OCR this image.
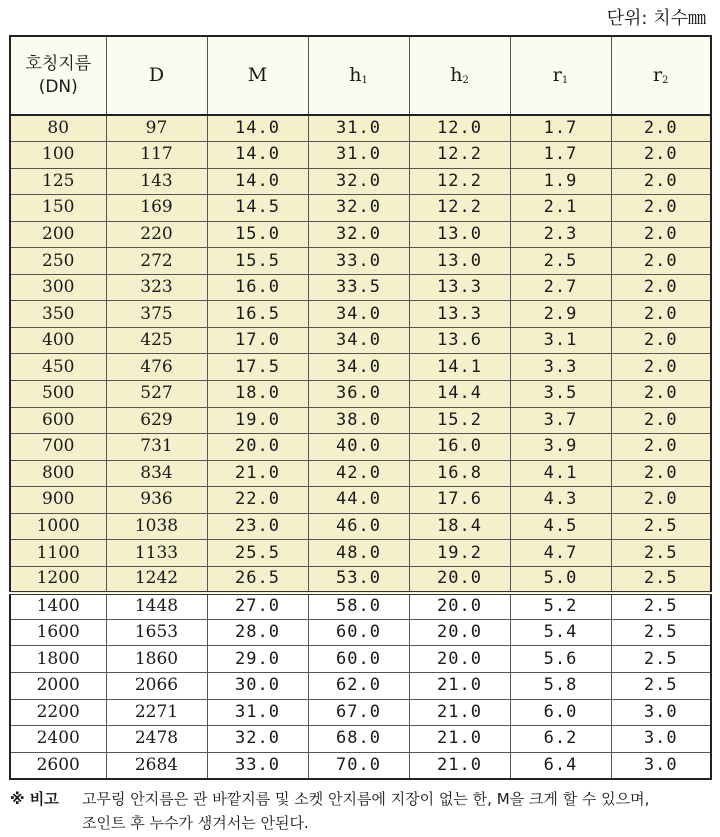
단위: 치수㎜
호칭지름
(DN)	D	M	$h_1$	$h_2$	$r_1$	$r_2$
80	97	14.0	31.0	12.0	1.7	2.0
100	117	14.0	31.0	12.2	1.7	2.0
125	143	14.0	32.0	12.2	1.9	2.0
150	169	14.5	32.0	12.2	2.1	2.0
200	220	15.0	32.0	13.0	2.3	2.0
250	272	15.5	33.0	13.0	2.5	2.0
300	323	16.0	33.5	13.3	2.7	2.0
350	375	16.5	34.0	13.3	2.9	2.0
400	425	17.0	34.0	13.6	3.1	2.0
450	476	17.5	34.0	14.1	3.3	2.0
500	527	18.0	36.0	14.4	3.5	2.0
600	629	19.0	38.0	15.2	3.7	2.0
700	731	20.0	40.0	16.0	3.9	2.0
800	834	21.0	42.0	16.8	4.1	2.0
900	936	22.0	44.0	17.6	4.3	2.0
1000	1038	23.0	46.0	18.4	4.5	2.5
1100	1133	25.5	48.0	19.2	4.7	2.5
1200	1242	26.5	53.0	20.0	5.0	2.5
1400	1448	27.0	58.0	20.0	5.2	2.5
1600	1653	28.0	60.0	20.0	5.4	2.5
1800	1860	29.0	60.0	20.0	5.6	2.5
2000	2066	30.0	62.0	21.0	5.8	2.5
2200	2271	31.0	67.0	21.0	6.0	3.0
2400	2478	32.0	68.0	21.0	6.2	3.0
2600	2684	33.0	70.0	21.0	6.4	3.0
※ 비고 고무링 안지름은 관 바깥지름 및 소켓 안지름에 지장이 없는 한, M을 크게 할 수 있으며,
조인트 후 누수가 생겨서는 안된다.
